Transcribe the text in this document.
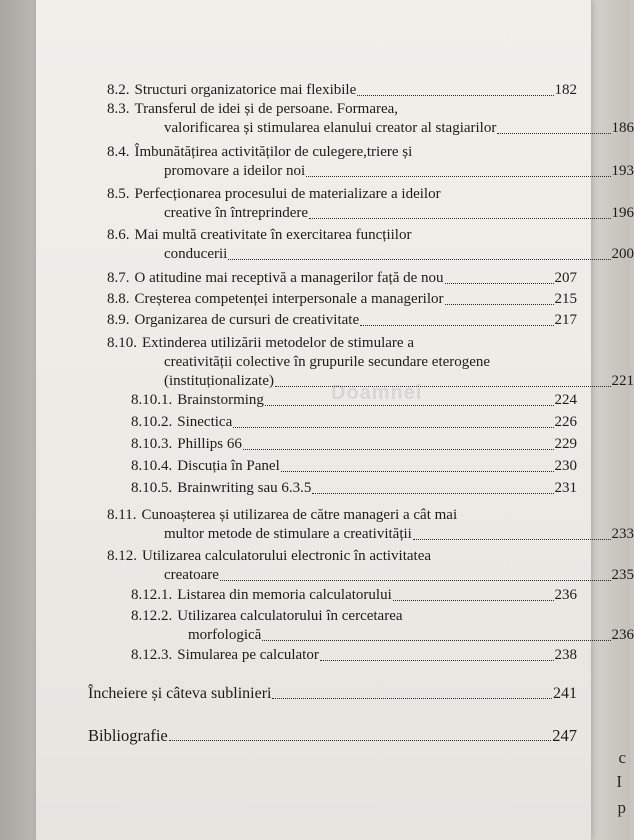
Doamnei
8.2. Structuri organizatorice mai flexibile	182
8.3. Transferul de idei și de persoane. Formarea,
valorificarea și stimularea elanului creator al stagiarilor	186
8.4. Îmbunătățirea activităților de culegere,triere și
promovare a ideilor noi	193
8.5. Perfecționarea procesului de materializare a ideilor
creative în întreprindere	196
8.6. Mai multă creativitate în exercitarea funcțiilor
conducerii	200
8.7. O atitudine mai receptivă a managerilor față de nou	207
8.8. Creșterea competenței interpersonale a managerilor	215
8.9. Organizarea de cursuri de creativitate	217
8.10. Extinderea utilizării metodelor de stimulare a
creativității colective în grupurile secundare eterogene
(instituționalizate)	221
8.10.1. Brainstorming	224
8.10.2. Sinectica	226
8.10.3. Phillips 66	229
8.10.4. Discuția în Panel	230
8.10.5. Brainwriting sau 6.3.5	231
8.11. Cunoașterea și utilizarea de către manageri a cât mai
multor metode de stimulare a creativității	233
8.12. Utilizarea calculatorului electronic în activitatea
creatoare	235
8.12.1. Listarea din memoria calculatorului	236
8.12.2. Utilizarea calculatorului în cercetarea
morfologică	236
8.12.3. Simularea pe calculator	238
Încheiere și câteva sublinieri	241
Bibliografie	247
c
I
p
